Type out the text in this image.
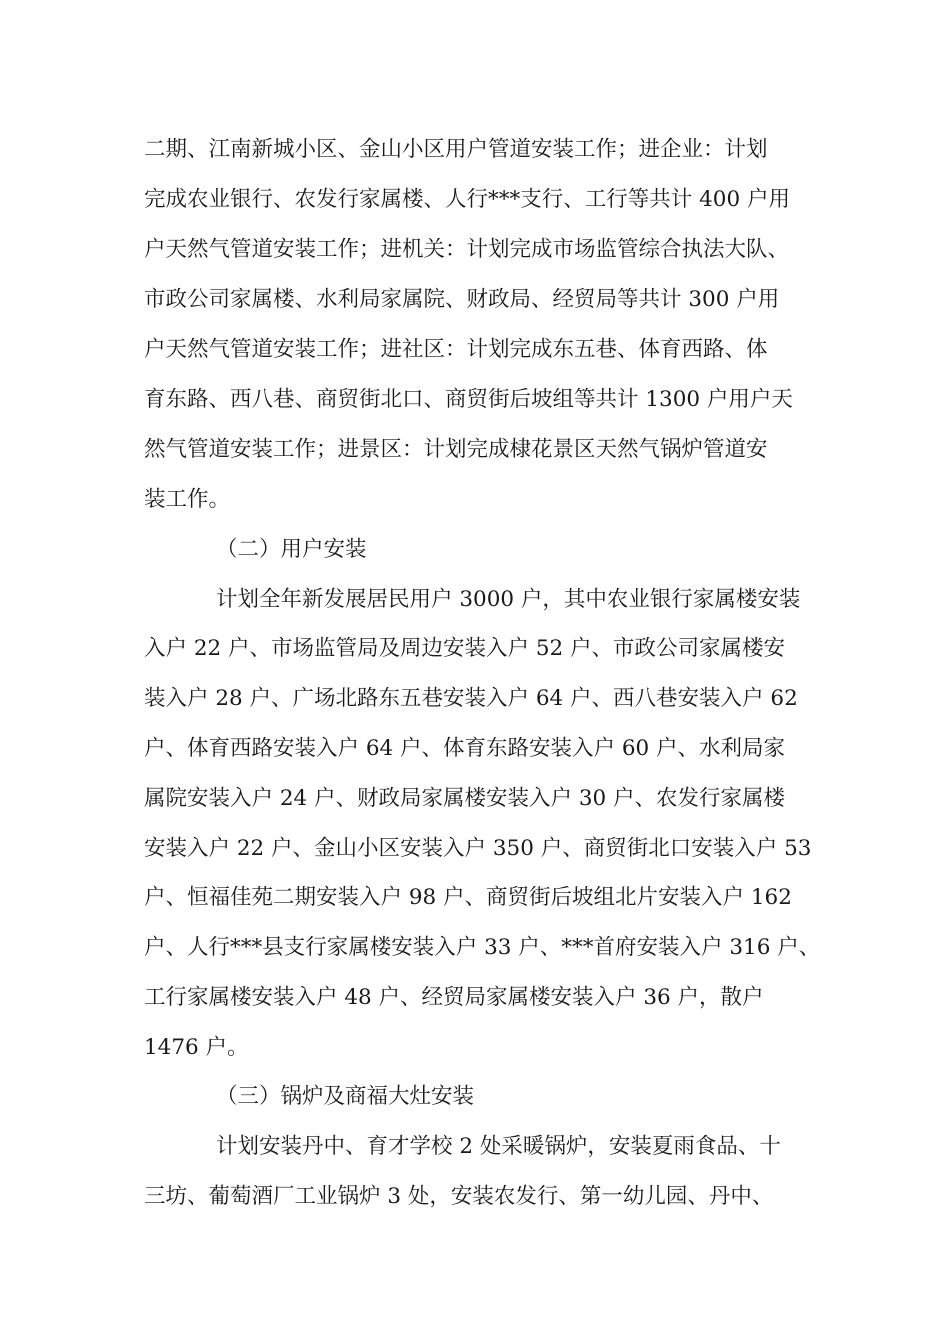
二期、江南新城小区、金山小区用户管道安装工作；进企业：计划
完成农业银行、农发行家属楼、人行***支行、工行等共计 400 户用
户天然气管道安装工作；进机关：计划完成市场监管综合执法大队、
市政公司家属楼、水利局家属院、财政局、经贸局等共计 300 户用
户天然气管道安装工作；进社区：计划完成东五巷、体育西路、体
育东路、西八巷、商贸街北口、商贸街后坡组等共计 1300 户用户天
然气管道安装工作；进景区：计划完成棣花景区天然气锅炉管道安
装工作。
（二）用户安装
计划全年新发展居民用户 3000 户，其中农业银行家属楼安装
入户 22 户、市场监管局及周边安装入户 52 户、市政公司家属楼安
装入户 28 户、广场北路东五巷安装入户 64 户、西八巷安装入户 62
户、体育西路安装入户 64 户、体育东路安装入户 60 户、水利局家
属院安装入户 24 户、财政局家属楼安装入户 30 户、农发行家属楼
安装入户 22 户、金山小区安装入户 350 户、商贸街北口安装入户 53
户、恒福佳苑二期安装入户 98 户、商贸街后坡组北片安装入户 162
户、人行***县支行家属楼安装入户 33 户、***首府安装入户 316 户、
工行家属楼安装入户 48 户、经贸局家属楼安装入户 36 户，散户
1476 户。
（三）锅炉及商福大灶安装
计划安装丹中、育才学校 2 处采暖锅炉，安装夏雨食品、十
三坊、葡萄酒厂工业锅炉 3 处，安装农发行、第一幼儿园、丹中、
